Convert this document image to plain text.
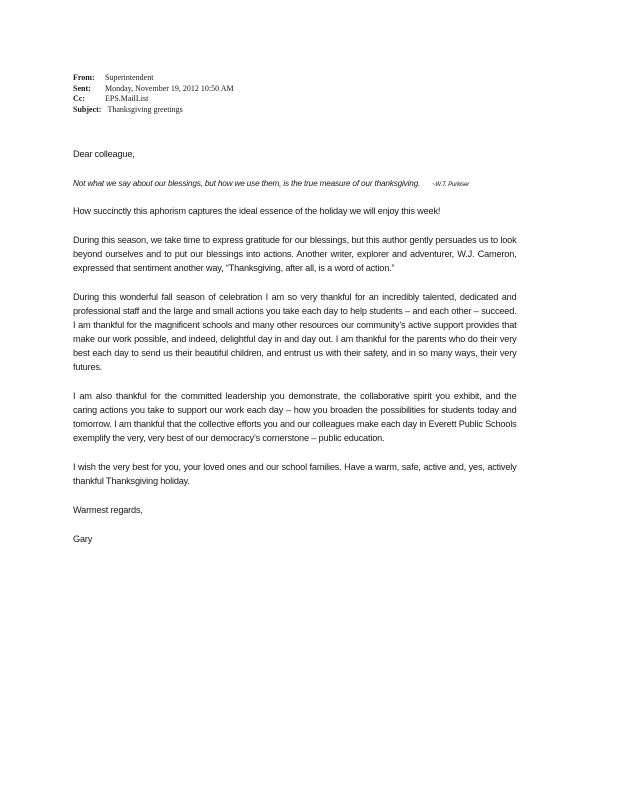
From: Superintendent
Sent: Monday, November 19, 2012 10:50 AM
Cc:	EPS.MailList
Subject: Thanksgiving greetings

Dear colleague,

Not what we say about our blessings, but how we use them, is the true measure of our thanksgiving. ~W.T. Purkiser

How succinctly this aphorism captures the ideal essence of the holiday we will enjoy this week!

During this season, we take time to express gratitude for our blessings, but this author gently persuades us to look beyond ourselves and to put our blessings into actions. Another writer, explorer and adventurer, W.J. Cameron, expressed that sentiment another way, “Thanksgiving, after all, is a word of action.”

During this wonderful fall season of celebration I am so very thankful for an incredibly talented, dedicated and professional staff and the large and small actions you take each day to help students – and each other – succeed. I am thankful for the magnificent schools and many other resources our community’s active support provides that make our work possible, and indeed, delightful day in and day out. I am thankful for the parents who do their very best each day to send us their beautiful children, and entrust us with their safety, and in so many ways, their very futures.

I am also thankful for the committed leadership you demonstrate, the collaborative spirit you exhibit, and the caring actions you take to support our work each day – how you broaden the possibilities for students today and tomorrow. I am thankful that the collective efforts you and our colleagues make each day in Everett Public Schools exemplify the very, very best of our democracy’s cornerstone – public education.

I wish the very best for you, your loved ones and our school families. Have a warm, safe, active and, yes, actively thankful Thanksgiving holiday.

Warmest regards,

Gary
